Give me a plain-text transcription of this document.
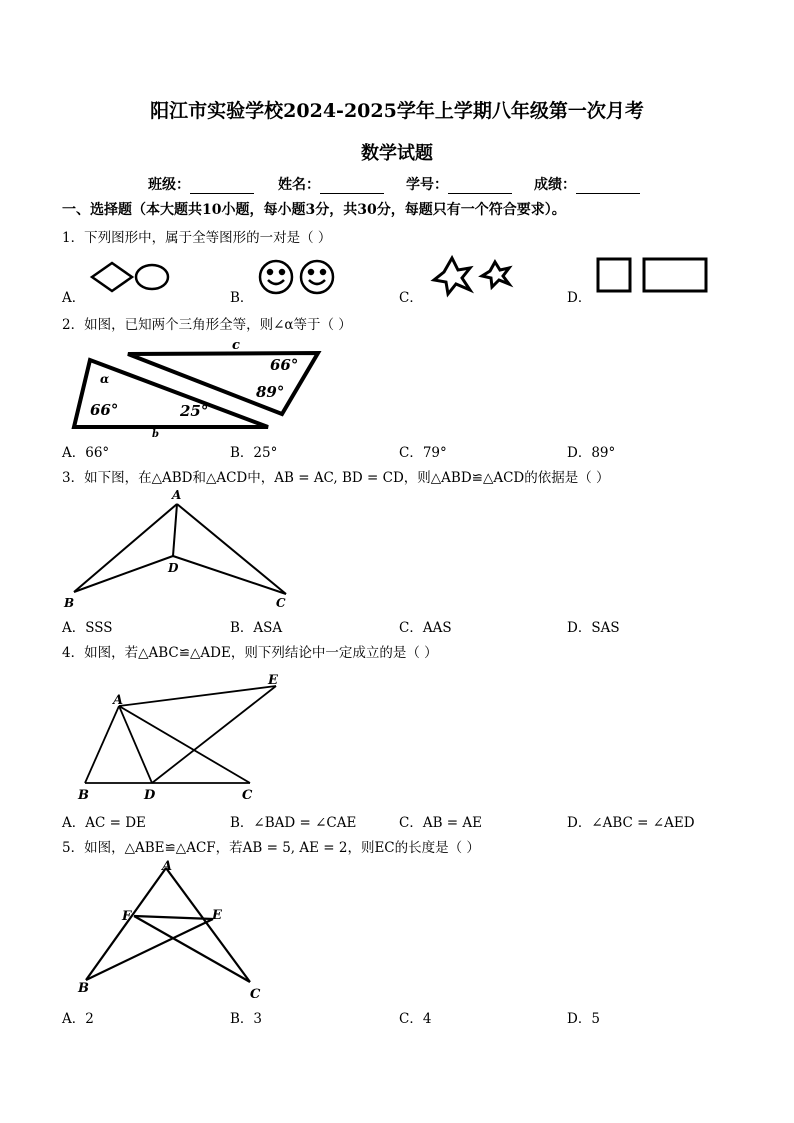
阳江市实验学校2024-2025学年上学期八年级第一次月考
数学试题
班级：	姓名：	学号：	成绩：
一、选择题（本大题共10小题，每小题3分，共30分，每题只有一个符合要求）。
1．下列图形中，属于全等图形的一对是（ ）
A．	B．	C．	D．
2．如图，已知两个三角形全等，则∠α等于（ ）
c
66°
89°
66°	25°
α
b
A．66°	B．25°	C．79°	D．89°
3．如下图，在△ABD和△ACD中，AB = AC, BD = CD，则△ABD≌△ACD的依据是（ ）
A
B	C
D
A．SSS	B．ASA	C．AAS	D．SAS
4．如图，若△ABC≌△ADE，则下列结论中一定成立的是（ ）
A
B	D	C
E
A．AC = DE	B．∠BAD = ∠CAE	C．AB = AE	D．∠ABC = ∠AED
5．如图，△ABE≌△ACF，若AB = 5, AE = 2，则EC的长度是（ ）
A
B	C
E
F
A．2	B．3	C．4	D．5
